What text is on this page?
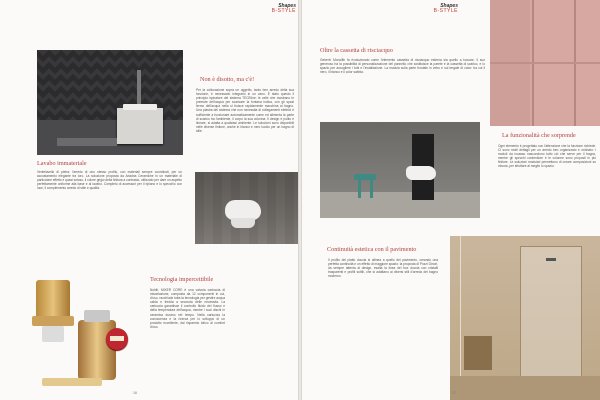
Non è disotto, ma c'è!
Per la collocazione sopra un oggetto, tanto ben arredo della sua funzione, è necessario integrarlo in un vano. È stato questo il principio ispiratore del sistema TECEline: le celle che mostrano le premute dell'acqua per scaricare la fontana indica, con gli spazi fermo dell'acqua nella si fruisce rapidamente macchina al bagno. Una piastra del sistema che non necessita di collegamenti elettrici è sufficiente a funzionare automaticamente come ed alimenta la parte di scarico tra l'ambiente, il corpo la sua colonna. Il design è pulito e lineare, si adatta a qualsiasi ambiente. Le soluzioni sono disponibili nelle diverse finiture, anche in bianco e nero lucido per un bagno di stile.
Lavabo immateriale
Ventelavello di pietra: l'arredo di uno stesso profilo, con materiali sempre coordinati, per un accostamento elegante tra loro. La soluzione proposta da Ariadna Ceramiche in un materiale di particolare effetto e quasi setoso, il colore grigio della finitura a contrasto, utilizzato per dare un aspetto perfettamente uniforme alla base e al lavabo. Completo di accessori per il ripiano e lo specchio con luce, il complemento arredo di stile e qualità.
Tecnologia impercettibile
Nobili: MIXER CORE è una valvola cartuccia di miscelazione, composta da 12 componenti in cui, d'uso, racchiude tutta la tecnologia per gestire acqua calda e fredda a seconda delle necessità. La cartuccia garantisce il controllo fluido del flusso e della temperatura dell'acqua, mentre i suoi dischi in ceramica durano nel tempo. Nella cartuccia la conoscenza e la ricerca per lo sviluppo di un prodotto eccellente, dal risparmio idrico al comfort d'uso.
16
Oltre la cassetta di risciacquo
Geberit: Monolith fa rivoluzionato come l'elemento cassetta di risciacquo esterna sia quello a toccare. Il suo generoso ha la possibilità di personalizzazione del pannello che sostituisce la parete e la cassetta di scarico, e lo spazio per accogliere i tubi e l'installazione. La modula sulla parte frontale in vetro e sul tergale di color: tra cui il nero, il bianco e il color sabbia.
La funzionalità che sorprende
Ogni elemento è progettato con l'attenzione che la funzione richiede. Ci sono molti dettagli per un arredo ben organizzato e ordinato: i moduli da incasso nascondono tutto ciò che serve per il bagno, mentre gli specchi contenitore e le colonne sono proposti in più finiture. Le soluzioni modulari permettono di creare composizioni su misura, per sfruttare al meglio lo spazio.
Continuità estetica con il pavimento
Il profilo del piatto doccia si allinea a quello del pavimento, creando una perfetta continuità e un effetto di maggiore spazio: la proposta di Pozzi Ginori, da sempre attenta al design, esalta la linea del box doccia con cristalli trasparenti e profili sottili, che si adattano ai diversi stili d'arredo del bagno moderno.
17
Shapes
B-STYLE
Shapes
B-STYLE
